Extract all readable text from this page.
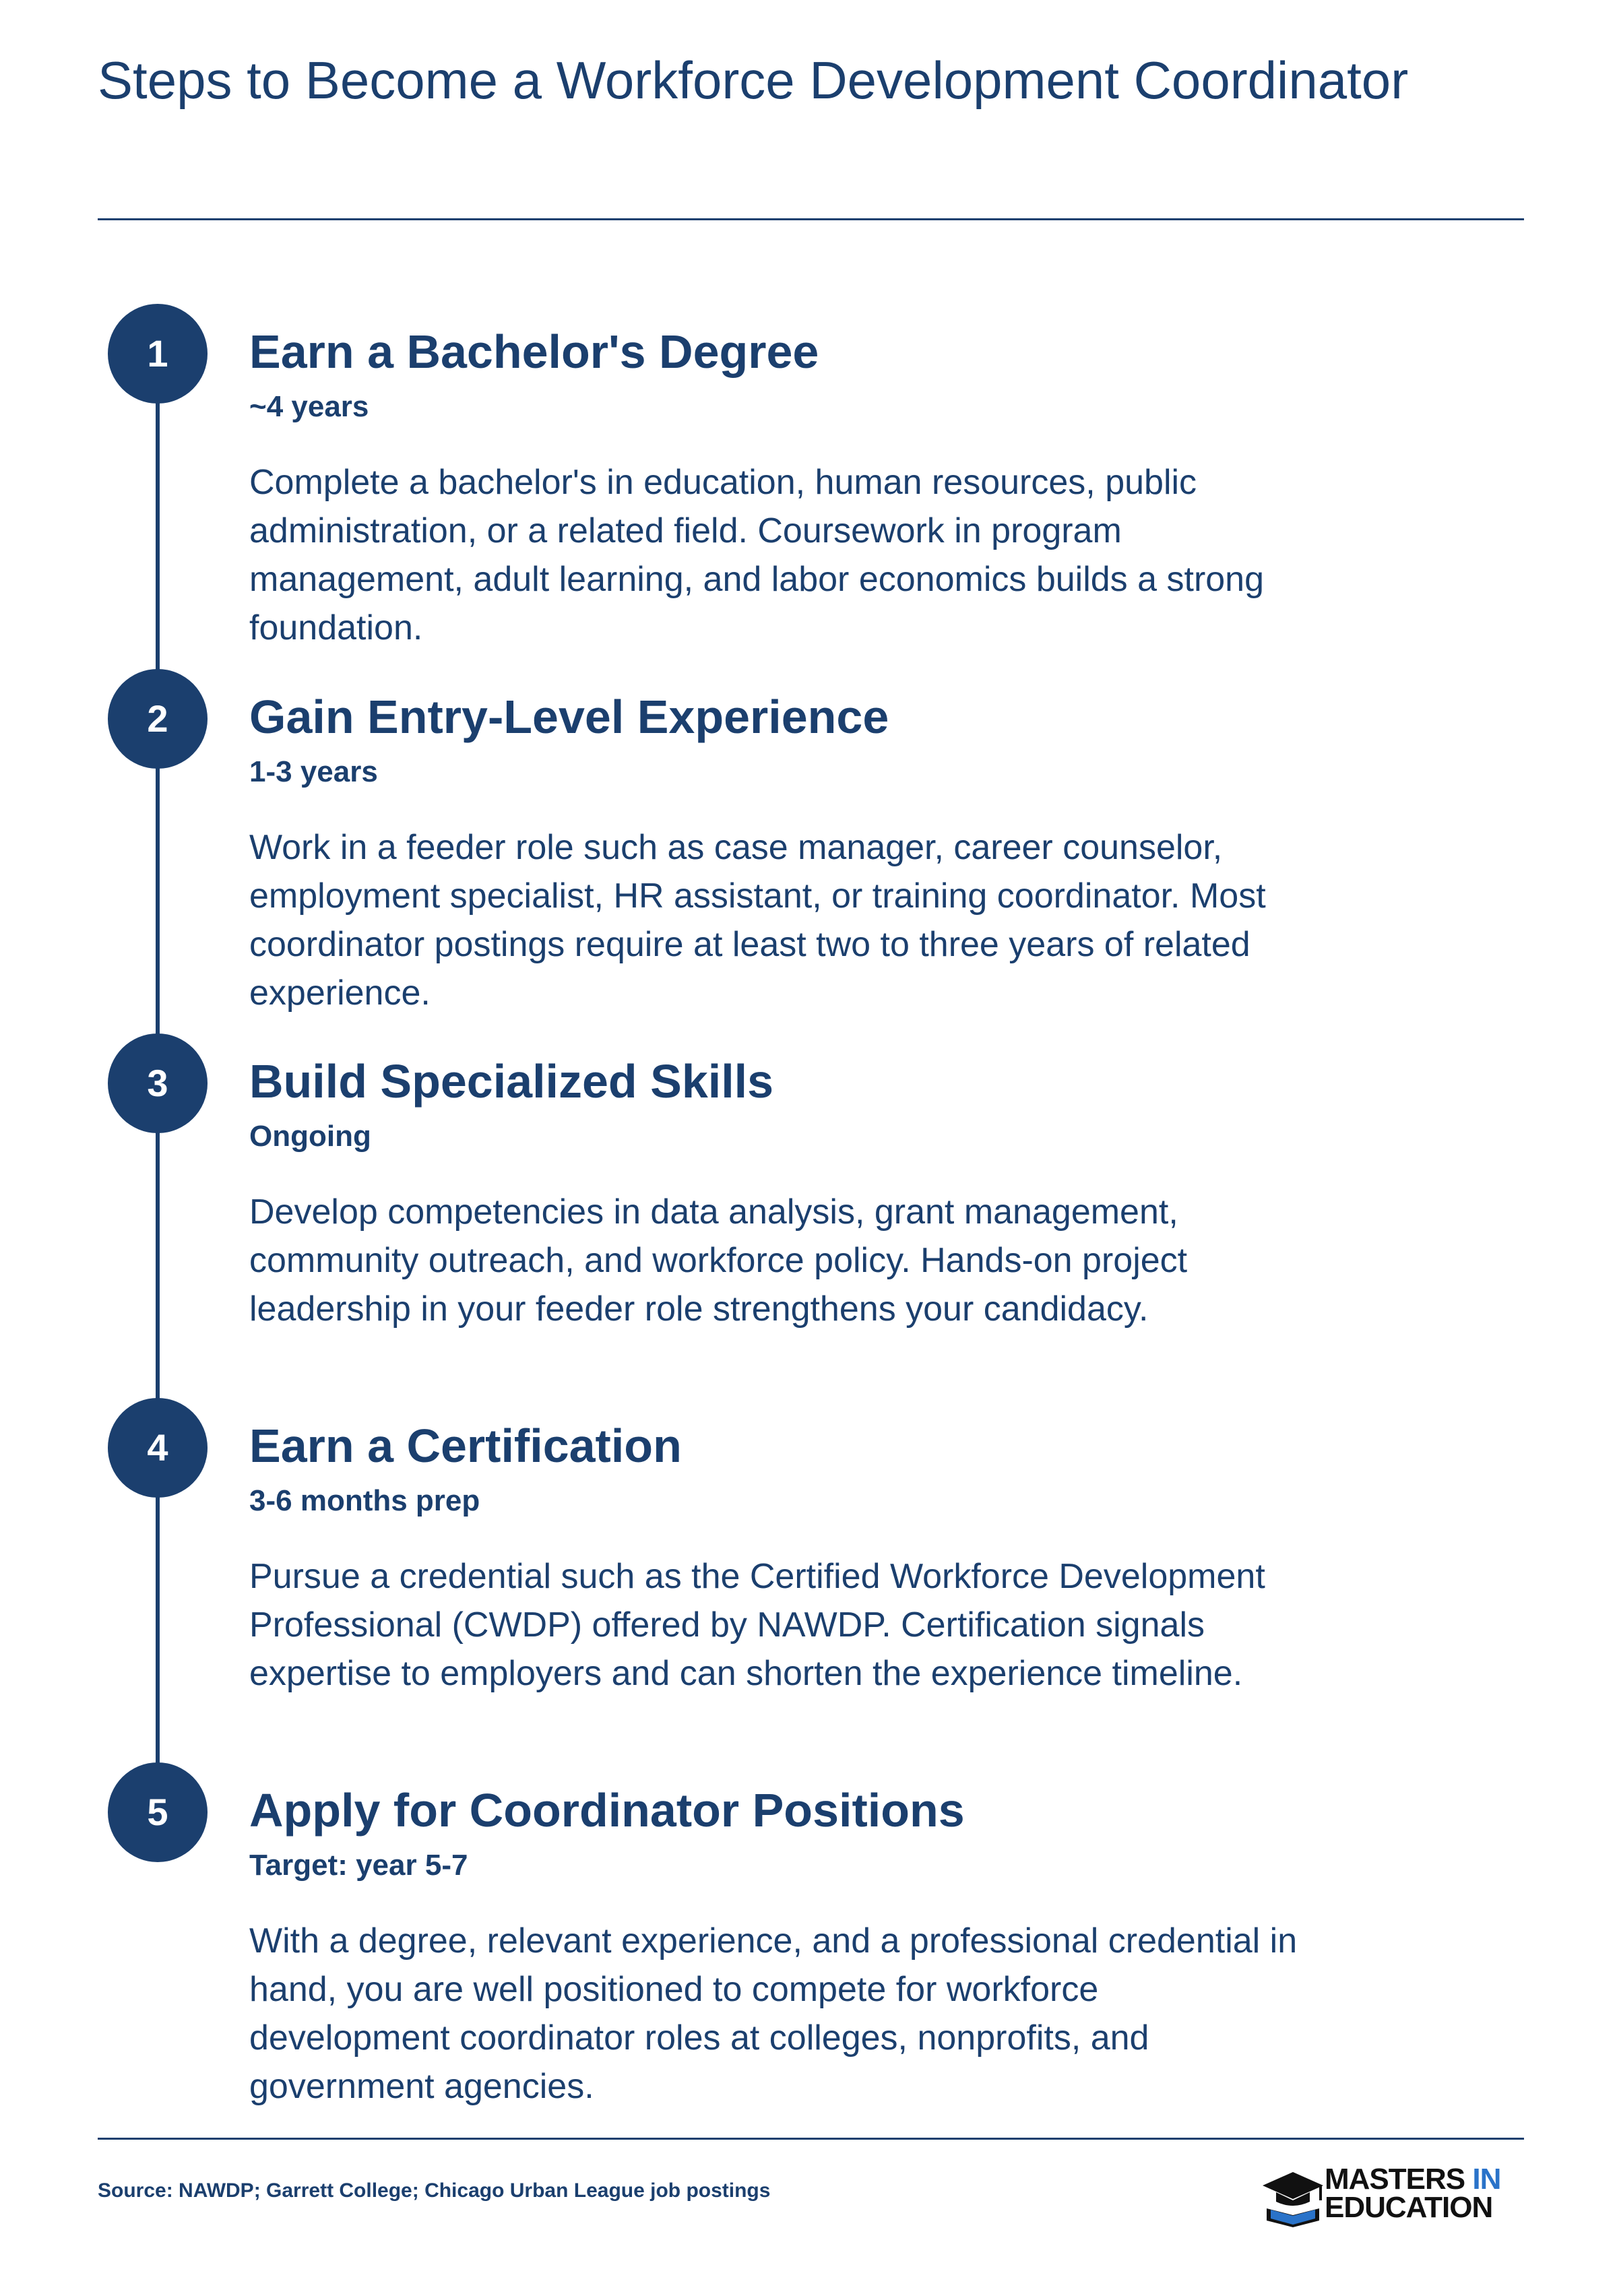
Steps to Become a Workforce Development Coordinator
1	Earn a Bachelor's Degree

~4 years

Complete a bachelor's in education, human resources, public administration, or a related field. Coursework in program management, adult learning, and labor economics builds a strong foundation.

2	Gain Entry-Level Experience

1-3 years

Work in a feeder role such as case manager, career counselor, employment specialist, HR assistant, or training coordinator. Most coordinator postings require at least two to three years of related experience.

3	Build Specialized Skills

Ongoing

Develop competencies in data analysis, grant management, community outreach, and workforce policy. Hands-on project leadership in your feeder role strengthens your candidacy.

4	Earn a Certification

3-6 months prep

Pursue a credential such as the Certified Workforce Development Professional (CWDP) offered by NAWDP. Certification signals expertise to employers and can shorten the experience timeline.

5	Apply for Coordinator Positions

Target: year 5-7

With a degree, relevant experience, and a professional credential in hand, you are well positioned to compete for workforce development coordinator roles at colleges, nonprofits, and government agencies.

Source: NAWDP; Garrett College; Chicago Urban League job postings	MASTERS IN
EDUCATION
